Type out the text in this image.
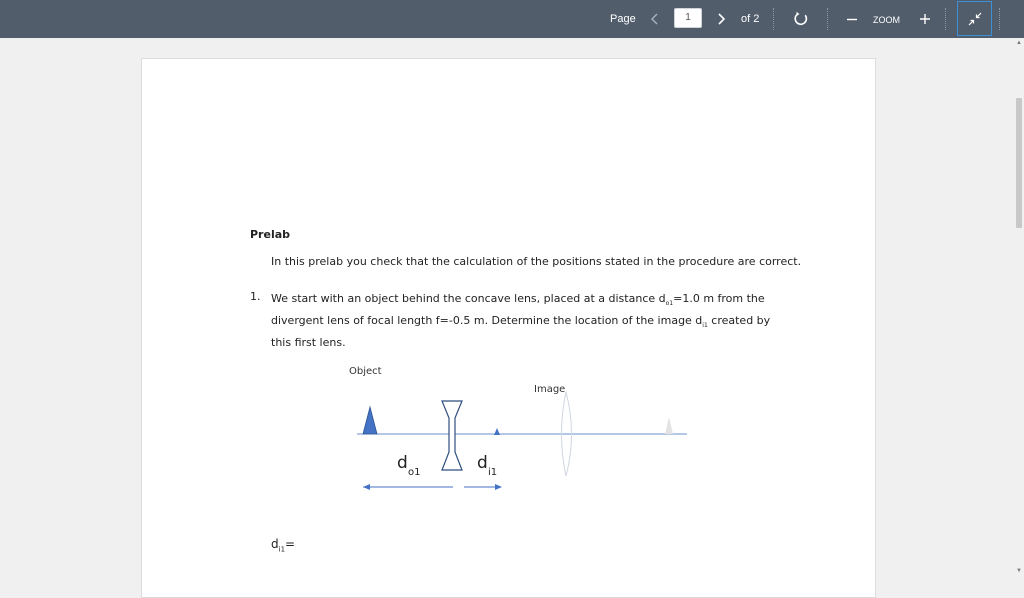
Page
1	of 2	ZOOM
Prelab
In this prelab you check that the calculation of the positions stated in the procedure are correct.
1. We start with an object behind the concave lens, placed at a distance $d_{o1}=1.0$ m from the divergent lens of focal length f=-0.5 m. Determine the location of the image $d_{i1}$ created by this first lens.
Object
Image
d o1	d i1
$d_{i1}=$
▲
▼
